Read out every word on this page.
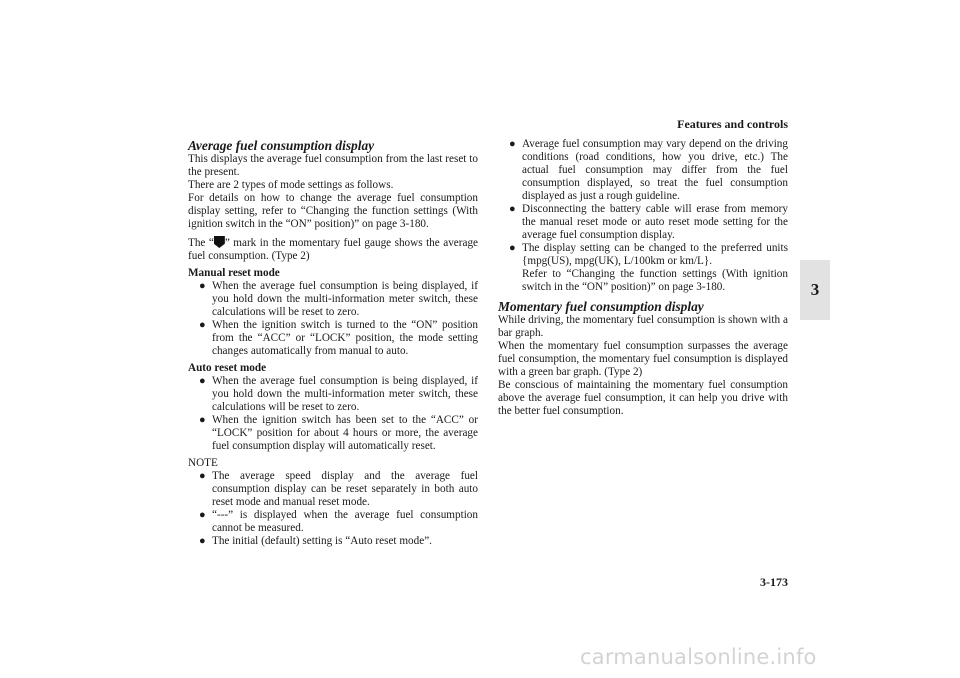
Features and controls
3
Average fuel consumption display

This displays the average fuel consumption from the last reset to the present.

There are 2 types of mode settings as follows.

For details on how to change the average fuel consumption display setting, refer to “Changing the function settings (With ignition switch in the “ON” position)” on page 3-180.

The “ ” mark in the momentary fuel gauge shows the average fuel consumption. (Type 2)

Manual reset mode

● When the average fuel consumption is being displayed, if you hold down the multi-information meter switch, these calculations will be reset to zero.

● When the ignition switch is turned to the “ON” position from the “ACC” or “LOCK” position, the mode setting changes automatically from manual to auto.

Auto reset mode

● When the average fuel consumption is being displayed, if you hold down the multi-information meter switch, these calculations will be reset to zero.

● When the ignition switch has been set to the “ACC” or “LOCK” position for about 4 hours or more, the average fuel consumption display will automatically reset.

NOTE

● The average speed display and the average fuel consumption display can be reset separately in both auto reset mode and manual reset mode.

● “---” is displayed when the average fuel consumption cannot be measured.

● The initial (default) setting is “Auto reset mode”.

● Average fuel consumption may vary depend on the driving conditions (road conditions, how you drive, etc.) The actual fuel consumption may differ from the fuel consumption displayed, so treat the fuel consumption displayed as just a rough guideline.

● Disconnecting the battery cable will erase from memory the manual reset mode or auto reset mode setting for the average fuel consumption display.

● The display setting can be changed to the preferred units {mpg(US), mpg(UK), L/100km or km/L}.
Refer to “Changing the function settings (With ignition switch in the “ON” position)” on page 3-180.

Momentary fuel consumption display

While driving, the momentary fuel consumption is shown with a bar graph.

When the momentary fuel consumption surpasses the average fuel consumption, the momentary fuel consumption is displayed with a green bar graph. (Type 2)

Be conscious of maintaining the momentary fuel consumption above the average fuel consumption, it can help you drive with the better fuel consumption.

3-173
carmanualsonline.info
